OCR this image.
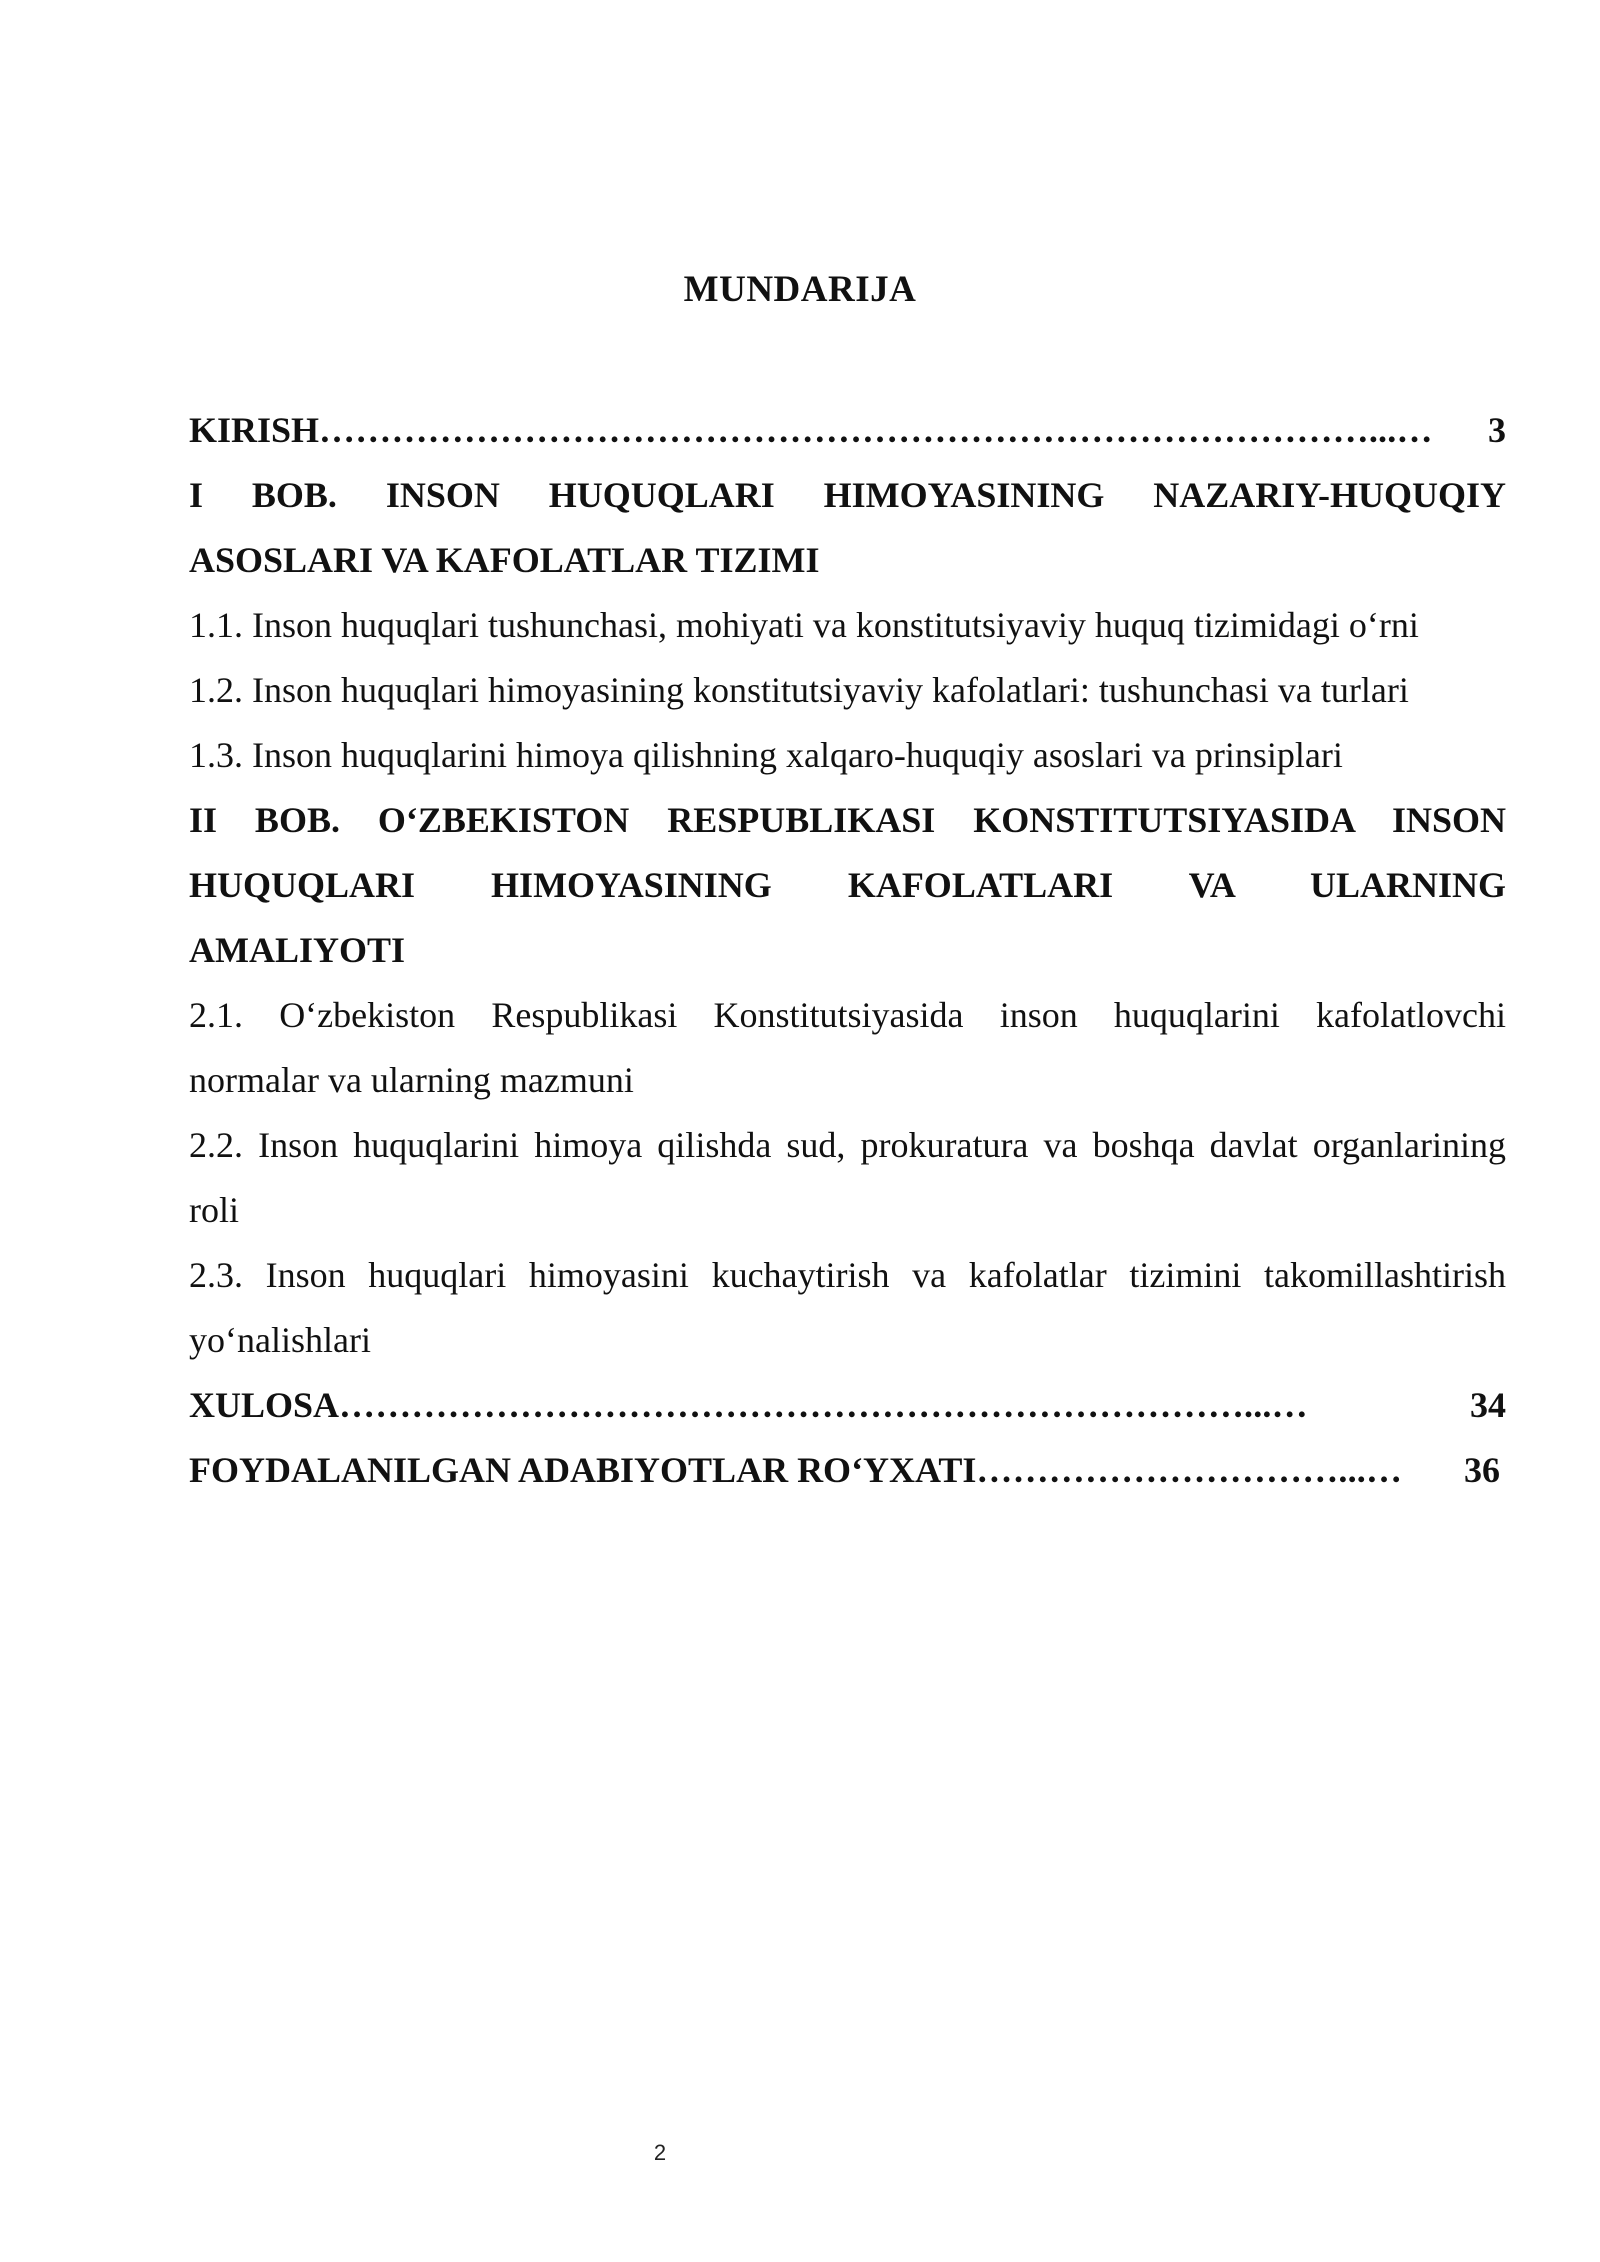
MUNDARIJA
KIRISH ……………………………………………………………………………...…	3
I BOB. INSON HUQUQLARI HIMOYASINING NAZARIY-HUQUQIY
ASOSLARI VA KAFOLATLAR TIZIMI
1.1. Inson huquqlari tushunchasi, mohiyati va konstitutsiyaviy huquq tizimidagi o‘rni
1.2. Inson huquqlari himoyasining konstitutsiyaviy kafolatlari: tushunchasi va turlari
1.3. Inson huquqlarini himoya qilishning xalqaro-huquqiy asoslari va prinsiplari
II BOB. O‘ZBEKISTON RESPUBLIKASI KONSTITUTSIYASIDA INSON
HUQUQLARI HIMOYASINING KAFOLATLARI VA ULARNING
AMALIYOTI
2.1. O‘zbekiston Respublikasi Konstitutsiyasida inson huquqlarini kafolatlovchi
normalar va ularning mazmuni
2.2. Inson huquqlarini himoya qilishda sud, prokuratura va boshqa davlat organlarining
roli
2.3. Inson huquqlari himoyasini kuchaytirish va kafolatlar tizimini takomillashtirish
yo‘nalishlari
XULOSA …………………………………………………………………...…	34
FOYDALANILGAN ADABIYOTLAR RO‘YXATI …………………………...…	36
2
